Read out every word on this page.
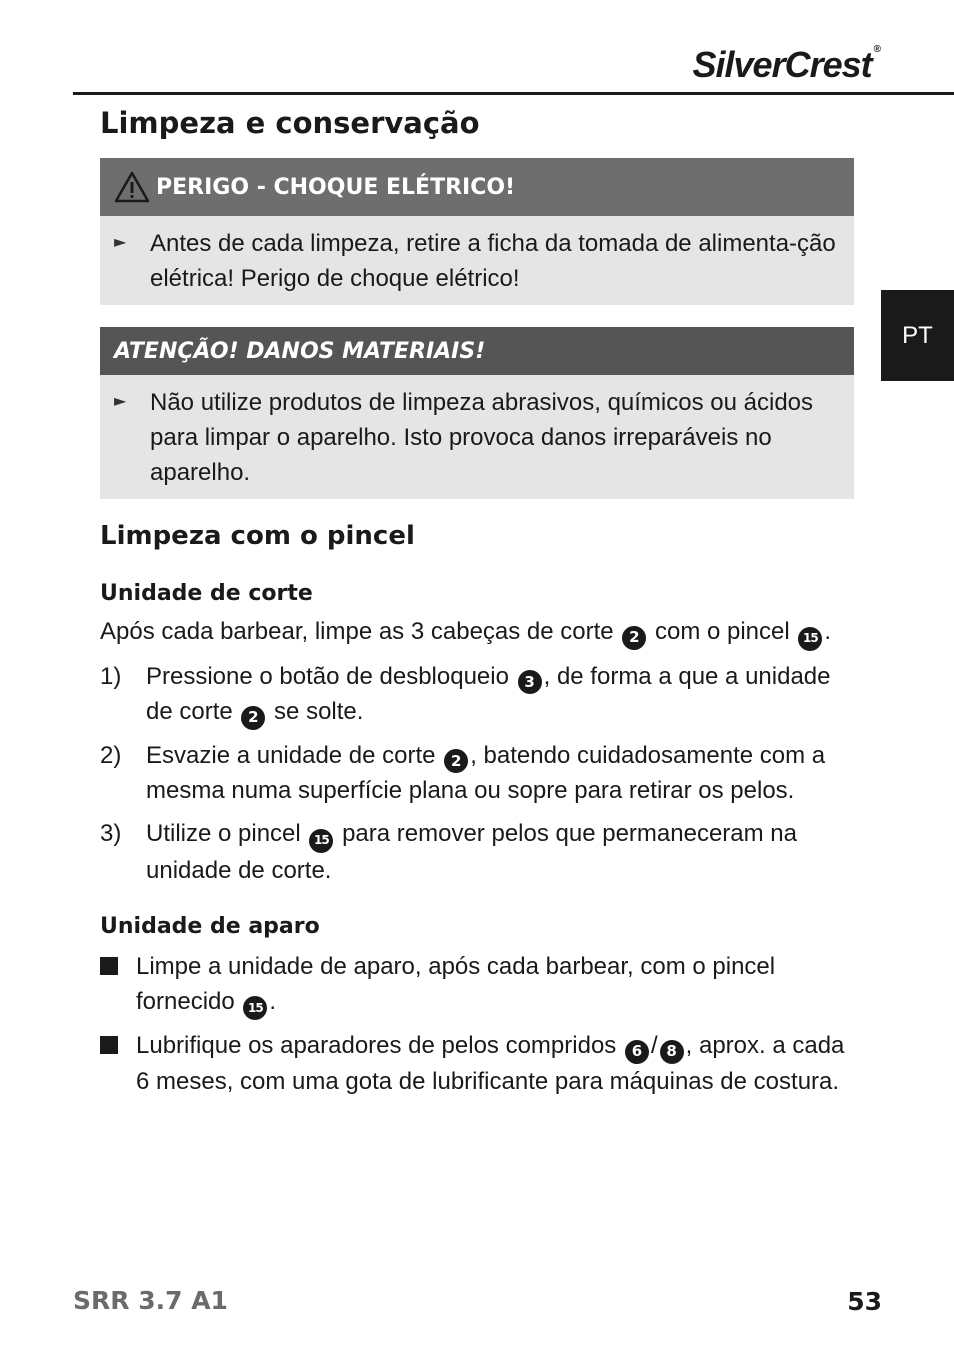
SilverCrest ®
PT
Limpeza e conservação
PERIGO - CHOQUE ELÉTRICO!
► Antes de cada limpeza, retire a ficha da tomada de alimenta-ção elétrica! Perigo de choque elétrico!
ATENÇÃO! DANOS MATERIAIS!
► Não utilize produtos de limpeza abrasivos, químicos ou ácidos para limpar o aparelho. Isto provoca danos irreparáveis no aparelho.
Limpeza com o pincel
Unidade de corte
Após cada barbear, limpe as 3 cabeças de corte 2 com o pincel 15 .
1)	Pressione o botão de desbloqueio 3 , de forma a que a unidade de corte 2 se solte.
2)	Esvazie a unidade de corte 2 , batendo cuidadosamente com a mesma numa superfície plana ou sopre para retirar os pelos.
3)	Utilize o pincel 15 para remover pelos que permaneceram na unidade de corte.
Unidade de aparo
Limpe a unidade de aparo, após cada barbear, com o pincel fornecido 15 .
Lubrifique os aparadores de pelos compridos 6 / 8 , aprox. a cada 6 meses, com uma gota de lubrificante para máquinas de costura.
SRR 3.7 A1	53
